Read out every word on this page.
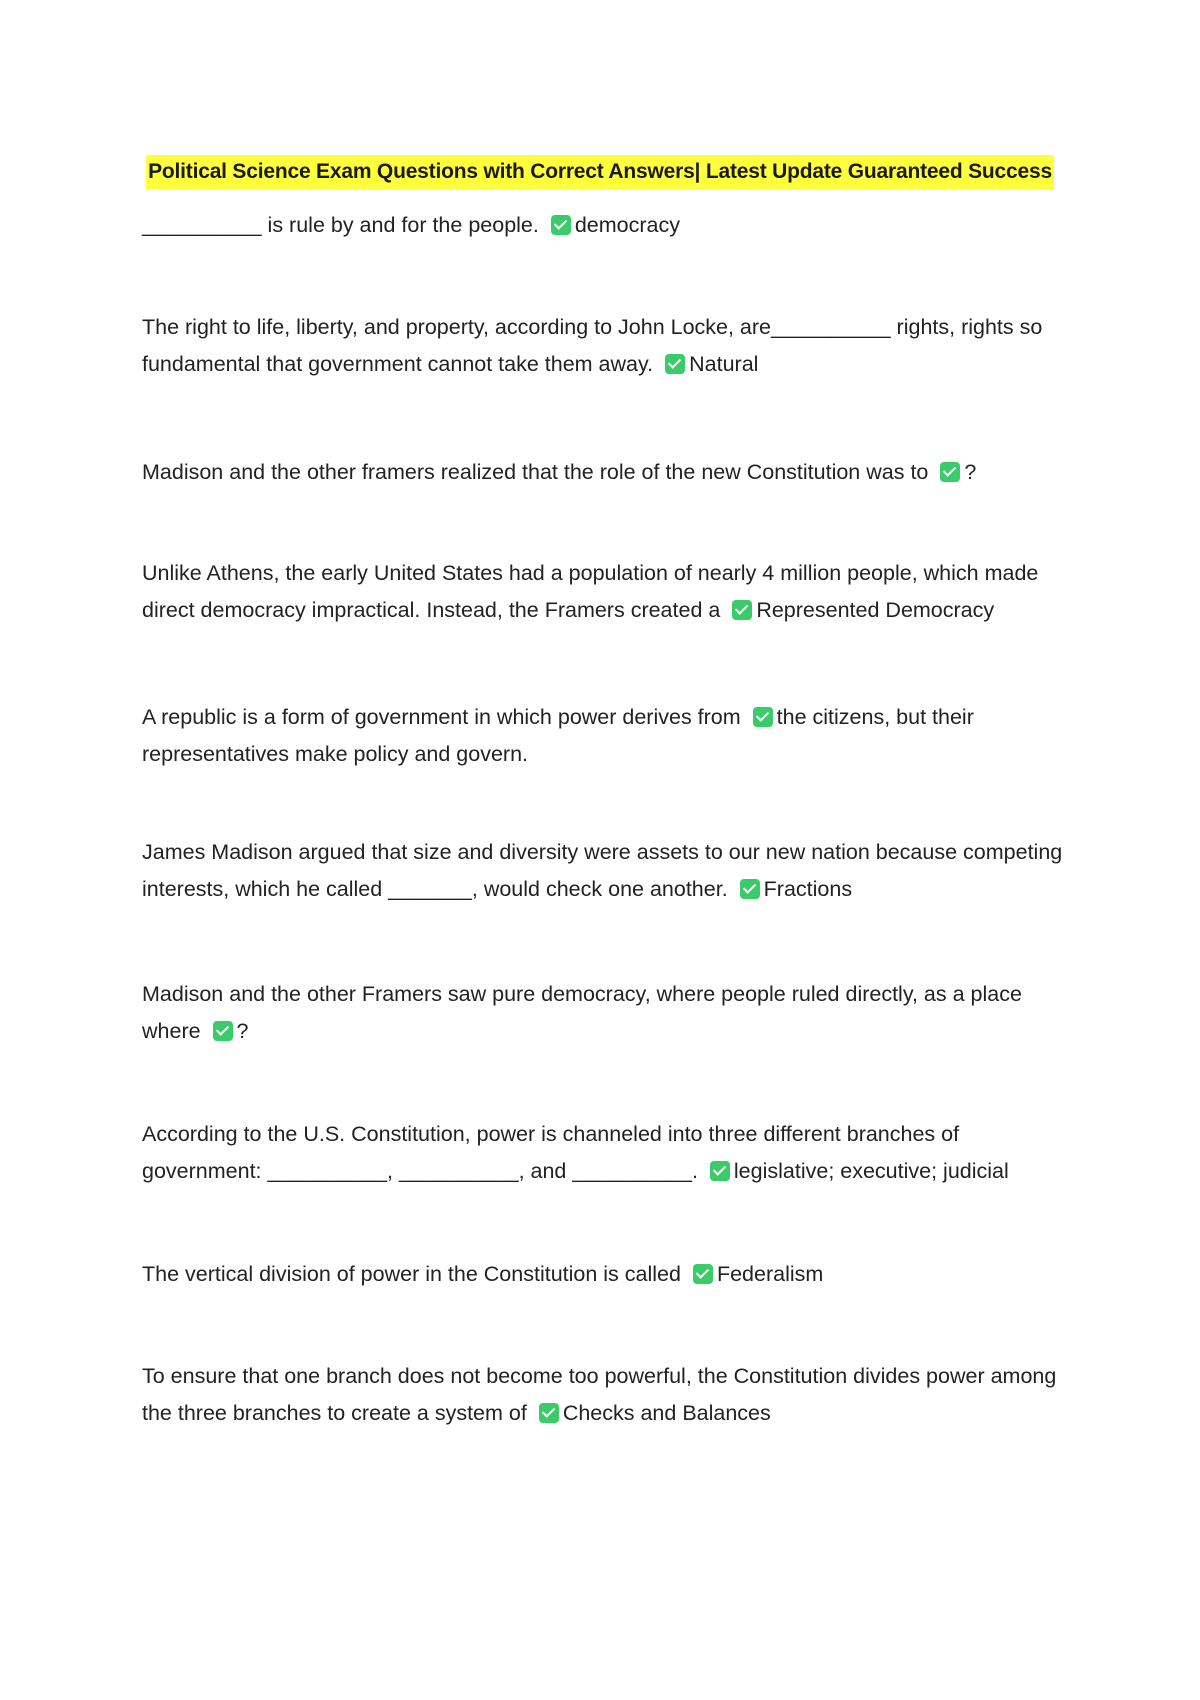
Political Science Exam Questions with Correct Answers| Latest Update Guaranteed Success
__________ is rule by and for the people. democracy
The right to life, liberty, and property, according to John Locke, are__________ rights, rights so fundamental that government cannot take them away. Natural
Madison and the other framers realized that the role of the new Constitution was to ?
Unlike Athens, the early United States had a population of nearly 4 million people, which made direct democracy impractical. Instead, the Framers created a Represented Democracy
A republic is a form of government in which power derives from the citizens, but their
representatives make policy and govern.
James Madison argued that size and diversity were assets to our new nation because competing interests, which he called _______, would check one another. Fractions
Madison and the other Framers saw pure democracy, where people ruled directly, as a place where ?
According to the U.S. Constitution, power is channeled into three different branches of government: __________, __________, and __________. legislative; executive; judicial
The vertical division of power in the Constitution is called Federalism
To ensure that one branch does not become too powerful, the Constitution divides power among the three branches to create a system of Checks and Balances
